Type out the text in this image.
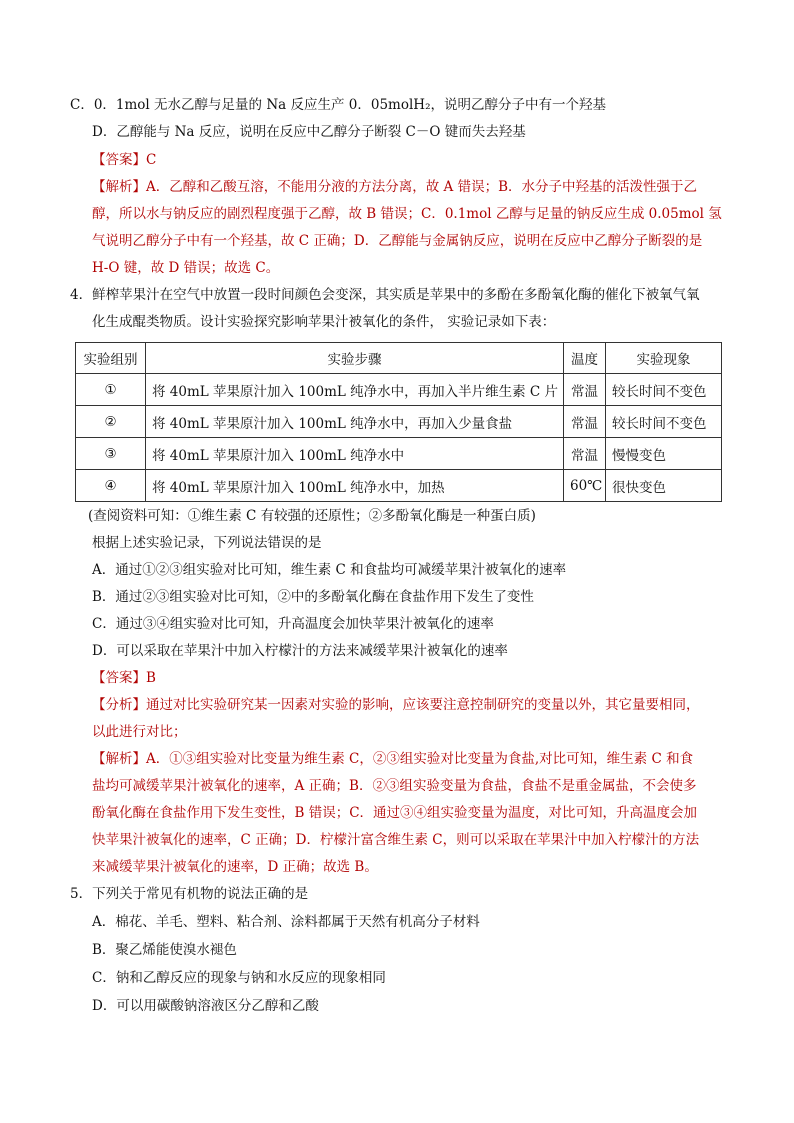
C．0．1mol 无水乙醇与足量的 Na 反应生产 0．05molH₂，说明乙醇分子中有一个羟基
D．乙醇能与 Na 反应，说明在反应中乙醇分子断裂 C－O 键而失去羟基
【答案】C
【解析】A．乙醇和乙酸互溶，不能用分液的方法分离，故 A 错误；B．水分子中羟基的活泼性强于乙
醇，所以水与钠反应的剧烈程度强于乙醇，故 B 错误；C．0.1mol 乙醇与足量的钠反应生成 0.05mol 氢
气说明乙醇分子中有一个羟基，故 C 正确；D．乙醇能与金属钠反应，说明在反应中乙醇分子断裂的是
H-O 键，故 D 错误；故选 C。
4．鲜榨苹果汁在空气中放置一段时间颜色会变深，其实质是苹果中的多酚在多酚氧化酶的催化下被氧气氧
化生成醌类物质。设计实验探究影响苹果汁被氧化的条件， 实验记录如下表：
实验组别	实验步骤	温度	实验现象
①	将 40mL 苹果原汁加入 100mL 纯净水中，再加入半片维生素 C 片	常温	较长时间不变色
②	将 40mL 苹果原汁加入 100mL 纯净水中，再加入少量食盐	常温	较长时间不变色
③	将 40mL 苹果原汁加入 100mL 纯净水中	常温	慢慢变色
④	将 40mL 苹果原汁加入 100mL 纯净水中，加热	60℃	很快变色
(查阅资料可知：①维生素 C 有较强的还原性；②多酚氧化酶是一种蛋白质)
根据上述实验记录，下列说法错误的是
A．通过①②③组实验对比可知，维生素 C 和食盐均可减缓苹果汁被氧化的速率
B．通过②③组实验对比可知，②中的多酚氧化酶在食盐作用下发生了变性
C．通过③④组实验对比可知，升高温度会加快苹果汁被氧化的速率
D．可以采取在苹果汁中加入柠檬汁的方法来减缓苹果汁被氧化的速率
【答案】B
【分析】通过对比实验研究某一因素对实验的影响，应该要注意控制研究的变量以外，其它量要相同，
以此进行对比；
【解析】A．①③组实验对比变量为维生素 C，②③组实验对比变量为食盐,对比可知，维生素 C 和食
盐均可减缓苹果汁被氧化的速率，A 正确；B．②③组实验变量为食盐，食盐不是重金属盐，不会使多
酚氧化酶在食盐作用下发生变性，B 错误；C．通过③④组实验变量为温度，对比可知，升高温度会加
快苹果汁被氧化的速率，C 正确；D．柠檬汁富含维生素 C，则可以采取在苹果汁中加入柠檬汁的方法
来减缓苹果汁被氧化的速率，D 正确；故选 B。
5．下列关于常见有机物的说法正确的是
A．棉花、羊毛、塑料、粘合剂、涂料都属于天然有机高分子材料
B．聚乙烯能使溴水褪色
C．钠和乙醇反应的现象与钠和水反应的现象相同
D．可以用碳酸钠溶液区分乙醇和乙酸
